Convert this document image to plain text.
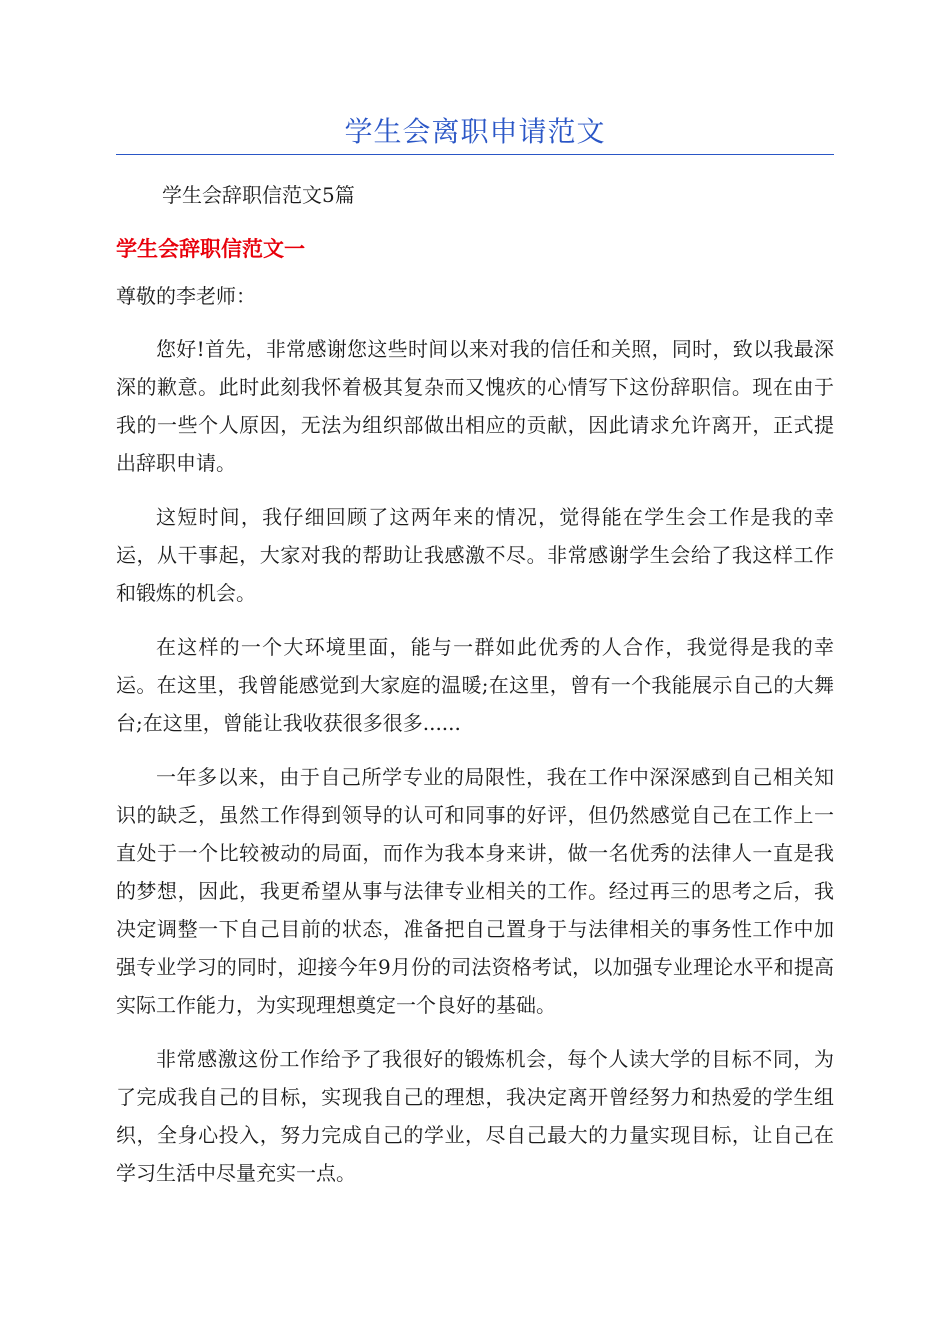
学生会离职申请范文
学生会辞职信范文5篇
学生会辞职信范文一
尊敬的李老师：

您好!首先，非常感谢您这些时间以来对我的信任和关照，同时，致以我最深深的歉意。此时此刻我怀着极其复杂而又愧疚的心情写下这份辞职信。现在由于我的一些个人原因，无法为组织部做出相应的贡献，因此请求允许离开，正式提出辞职申请。

这短时间，我仔细回顾了这两年来的情况，觉得能在学生会工作是我的幸运，从干事起，大家对我的帮助让我感激不尽。非常感谢学生会给了我这样工作和锻炼的机会。

在这样的一个大环境里面，能与一群如此优秀的人合作，我觉得是我的幸运。在这里，我曾能感觉到大家庭的温暖;在这里，曾有一个我能展示自己的大舞台;在这里，曾能让我收获很多很多......

一年多以来，由于自己所学专业的局限性，我在工作中深深感到自己相关知识的缺乏，虽然工作得到领导的认可和同事的好评，但仍然感觉自己在工作上一直处于一个比较被动的局面，而作为我本身来讲，做一名优秀的法律人一直是我的梦想，因此，我更希望从事与法律专业相关的工作。经过再三的思考之后，我决定调整一下自己目前的状态，准备把自己置身于与法律相关的事务性工作中加强专业学习的同时，迎接今年9月份的司法资格考试，以加强专业理论水平和提高实际工作能力，为实现理想奠定一个良好的基础。

非常感激这份工作给予了我很好的锻炼机会，每个人读大学的目标不同，为了完成我自己的目标，实现我自己的理想，我决定离开曾经努力和热爱的学生组织，全身心投入，努力完成自己的学业，尽自己最大的力量实现目标，让自己在学习生活中尽量充实一点。
